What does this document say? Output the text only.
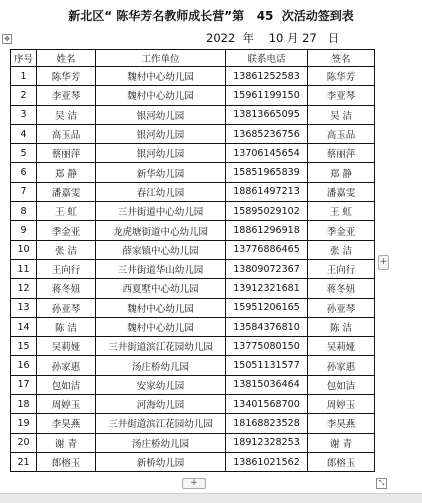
新北区“ 陈华芳名教师成长营”第   45  次活动签到表
2022  年    10 月 27   日
✥
序号	姓名	工作单位	联系电话	签名
1	陈华芳	魏村中心幼儿园	13861252583	陈华芳
2	李亚琴	魏村中心幼儿园	15961199150	李亚琴
3	吴 洁	银河幼儿园	13813665095	吴 洁
4	高玉品	银河幼儿园	13685236756	高玉品
5	蔡丽萍	银河幼儿园	13706145654	蔡丽萍
6	郑 静	新华幼儿园	15851965839	郑 静
7	潘嘉雯	春江幼儿园	18861497213	潘嘉雯
8	王 虹	三井街道中心幼儿园	15895029102	王 虹
9	季金亚	龙虎塘街道中心幼儿园	18861296918	季金亚
10	张 洁	薛家镇中心幼儿园	13776886465	张 洁
11	王向行	三井街道华山幼儿园	13809072367	王向行
12	蒋冬妞	西夏墅中心幼儿园	13912321681	蒋冬妞
13	孙亚琴	魏村中心幼儿园	15951206165	孙亚琴
14	陈 洁	魏村中心幼儿园	13584376810	陈 洁
15	吴莉娅	三井街道滨江花园幼儿园	13775080150	吴莉娅
16	孙家惠	汤庄桥幼儿园	15051131577	孙家惠
17	包如洁	安家幼儿园	13815036464	包如洁
18	周婷玉	河海幼儿园	13401568700	周婷玉
19	李昊燕	三井街道滨江花园幼儿园	18168823528	李昊燕
20	谢 青	汤庄桥幼儿园	18912328253	谢 青
21	郎榕玉	新桥幼儿园	13861021562	郎榕玉
+
+	⤡
